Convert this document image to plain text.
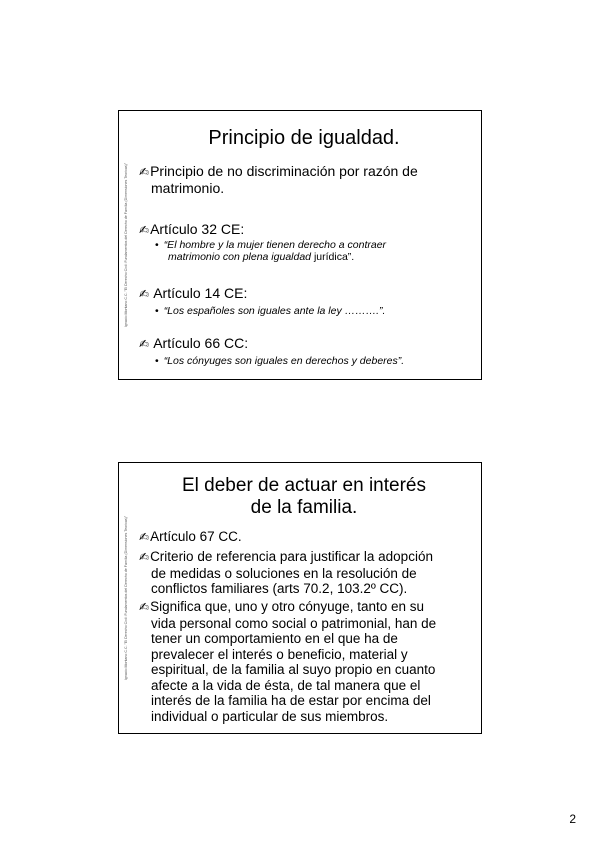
Ignacio Montano C.C. "El Derecho Civil: Fundamentos del Derecho de Familia (Dimensiones Teoricas)"
Principio de igualdad.
✍Principio de no discriminación por razón de
matrimonio.
✍Artículo 32 CE:
• “El hombre y la mujer tienen derecho a contraer
matrimonio con plena igualdad jurídica”.
✍ Artículo 14 CE:
• “Los españoles son iguales ante la ley ……….”.
✍ Artículo 66 CC:
• “Los cónyuges son iguales en derechos y deberes”.
Ignacio Montano C.C. "El Derecho Civil: Fundamentos del Derecho de Familia (Dimensiones Teoricas)"
El deber de actuar en interés
de la familia.
✍Artículo 67 CC.
✍Criterio de referencia para justificar la adopción
de medidas o soluciones en la resolución de
conflictos familiares (arts 70.2, 103.2º CC).
✍Significa que, uno y otro cónyuge, tanto en su
vida personal como social o patrimonial, han de
tener un comportamiento en el que ha de
prevalecer el interés o beneficio, material y
espiritual, de la familia al suyo propio en cuanto
afecte a la vida de ésta, de tal manera que el
interés de la familia ha de estar por encima del
individual o particular de sus miembros.
2
